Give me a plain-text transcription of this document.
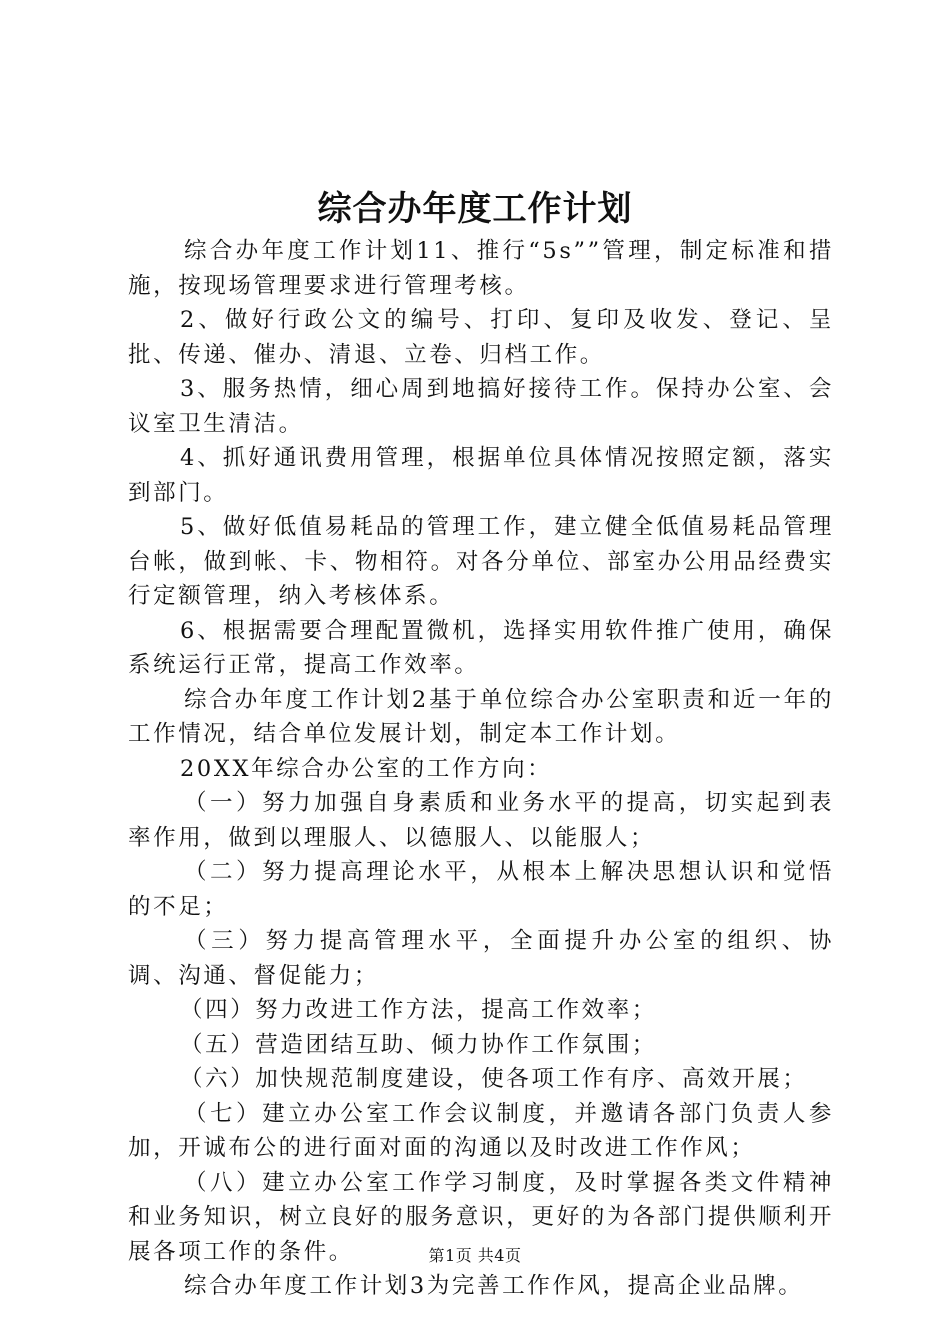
综合办年度工作计划

综合办年度工作计划11、推行“5s””管理，制定标准和措施，按现场管理要求进行管理考核。

2、做好行政公文的编号、打印、复印及收发、登记、呈批、传递、催办、清退、立卷、归档工作。

3、服务热情，细心周到地搞好接待工作。保持办公室、会议室卫生清洁。

4、抓好通讯费用管理，根据单位具体情况按照定额，落实到部门。

5、做好低值易耗品的管理工作，建立健全低值易耗品管理台帐，做到帐、卡、物相符。对各分单位、部室办公用品经费实行定额管理，纳入考核体系。

6、根据需要合理配置微机，选择实用软件推广使用，确保系统运行正常，提高工作效率。

综合办年度工作计划2基于单位综合办公室职责和近一年的工作情况，结合单位发展计划，制定本工作计划。

20XX年综合办公室的工作方向：

（一）努力加强自身素质和业务水平的提高，切实起到表率作用，做到以理服人、以德服人、以能服人；

（二）努力提高理论水平，从根本上解决思想认识和觉悟的不足；

（三）努力提高管理水平，全面提升办公室的组织、协调、沟通、督促能力；

（四）努力改进工作方法，提高工作效率；

（五）营造团结互助、倾力协作工作氛围；

（六）加快规范制度建设，使各项工作有序、高效开展；

（七）建立办公室工作会议制度，并邀请各部门负责人参加，开诚布公的进行面对面的沟通以及时改进工作作风；

（八）建立办公室工作学习制度，及时掌握各类文件精神和业务知识，树立良好的服务意识，更好的为各部门提供顺利开展各项工作的条件。

综合办年度工作计划3为完善工作作风，提高企业品牌。

第1页 共4页
